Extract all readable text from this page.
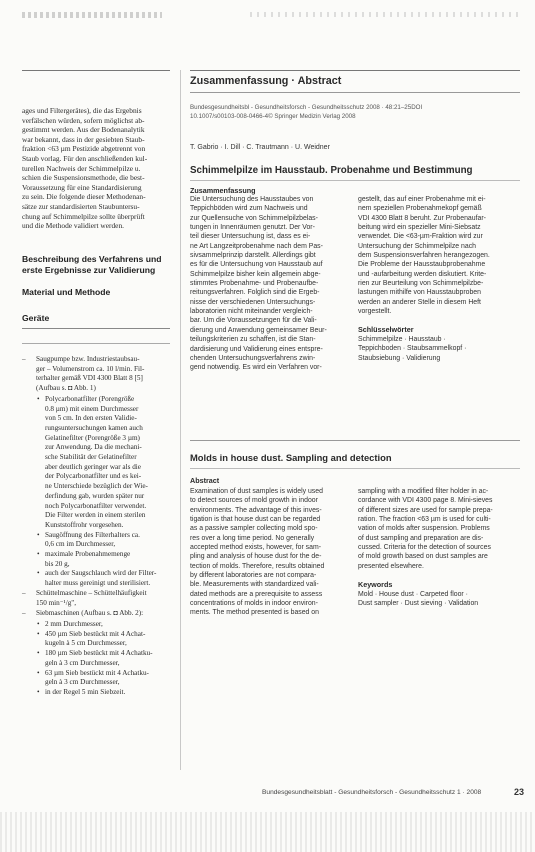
Zusammenfassung · Abstract
ages und Filtergerätes), die das Ergebnis
verfälschen würden, sofern möglichst ab-
gestimmt werden. Aus der Bodenanalytik
war bekannt, dass in der gesiebten Staub-
fraktion <63 µm Pestizide abgetrennt von
Staub vorlag. Für den anschließenden kul-
turellen Nachweis der Schimmelpilze u.
schien die Suspensionsmethode, die best-
Voraussetzung für eine Standardisierung
zu sein. Die folgende dieser Methodenan-
sätze zur standardisierten Staubuntersu-
chung auf Schimmelpilze sollte überprüft
und die Methode validiert werden.
Beschreibung des Verfahrens und
erste Ergebnisse zur Validierung
Material und Methode
Geräte
– Saugpumpe bzw. Industriestaubsau-
ger – Volumenstrom ca. 10 l/min. Fil-
terhalter gemäß VDI 4300 Blatt 8 [5]
(Aufbau s. ◘ Abb. 1)
• Polycarbonatfilter (Porengröße
0.8 µm) mit einem Durchmesser
von 5 cm. In den ersten Validie-
rungsuntersuchungen kamen auch
Gelatinefilter (Porengröße 3 µm)
zur Anwendung. Da die mechani-
sche Stabilität der Gelatinefilter
aber deutlich geringer war als die
der Polycarbonatfilter und es kei-
ne Unterschiede bezüglich der Wie-
derfindung gab, wurden später nur
noch Polycarbonatfilter verwendet.
Die Filter werden in einem sterilen
Kunststoffrohr vorgesehen.
• Saugöffnung des Filterhalters ca.
0,6 cm im Durchmesser,
• maximale Probenahmemenge
bis 20 g,
• auch der Saugschlauch wird der Filter-
halter muss gereinigt und sterilisiert.
– Schüttelmaschine – Schüttelhäufigkeit
150 min⁻¹/g",
– Siebmaschinen (Aufbau s. ◘ Abb. 2):
• 2 mm Durchmesser,
• 450 µm Sieb bestückt mit 4 Achat-
kugeln à 5 cm Durchmesser,
• 180 µm Sieb bestückt mit 4 Achatku-
geln à 3 cm Durchmesser,
• 63 µm Sieb bestückt mit 4 Achatku-
geln à 3 cm Durchmesser,
• in der Regel 5 min Siebzeit.
Bundesgesundheitsbl - Gesundheitsforsch - Gesundheitsschutz 2008 · 48:21–25DOI 10.1007/s00103-008-0466-4© Springer Medizin Verlag 2008
T. Gabrio · I. Dill · C. Trautmann · U. Weidner
Schimmelpilze im Hausstaub. Probenahme und Bestimmung
Zusammenfassung
Die Untersuchung des Hausstaubes von
Teppichböden wird zum Nachweis und
zur Quellensuche von Schimmelpilzbelas-
tungen in Innenräumen genutzt. Der Vor-
teil dieser Untersuchung ist, dass es ei-
ne Art Langzeitprobenahme nach dem Pas-
sivsammelprinzip darstellt. Allerdings gibt
es für die Untersuchung von Hausstaub auf
Schimmelpilze bisher kein allgemein abge-
stimmtes Probenahme- und Probenaufbe-
reitungsverfahren. Folglich sind die Ergeb-
nisse der verschiedenen Untersuchungs-
laboratorien nicht miteinander vergleich-
bar. Um die Voraussetzungen für die Vali-
dierung und Anwendung gemeinsamer Beur-
teilungskriterien zu schaffen, ist die Stan-
dardisierung und Validierung eines entspre-
chenden Untersuchungsverfahrens zwin-
gend notwendig. Es wird ein Verfahren vor-
gestellt, das auf einer Probenahme mit ei-
nem speziellen Probenahmekopf gemäß
VDI 4300 Blatt 8 beruht. Zur Probenaufar-
beitung wird ein spezieller Mini-Siebsatz
verwendet. Die <63-µm-Fraktion wird zur
Untersuchung der Schimmelpilze nach
dem Suspensionsverfahren herangezogen.
Die Probleme der Hausstaubprobenahme
und -aufarbeitung werden diskutiert. Krite-
rien zur Beurteilung von Schimmelpilzbe-
lastungen mithilfe von Hausstaubproben
werden an anderer Stelle in diesem Heft
vorgestellt.
Schlüsselwörter
Schimmelpilze · Hausstaub ·
Teppichboden · Staubsammelkopf ·
Staubsiebung · Validierung
Molds in house dust. Sampling and detection
Abstract
Examination of dust samples is widely used
to detect sources of mold growth in indoor
environments. The advantage of this inves-
tigation is that house dust can be regarded
as a passive sampler collecting mold spo-
res over a long time period. No generally
accepted method exists, however, for sam-
pling and analysis of house dust for the de-
tection of molds. Therefore, results obtained
by different laboratories are not compara-
ble. Measurements with standardized vali-
dated methods are a prerequisite to assess
concentrations of molds in indoor environ-
ments. The method presented is based on
sampling with a modified filter holder in ac-
cordance with VDI 4300 page 8. Mini-sieves
of different sizes are used for sample prepa-
ration. The fraction <63 µm is used for culti-
vation of molds after suspension. Problems
of dust sampling and preparation are dis-
cussed. Criteria for the detection of sources
of mold growth based on dust samples are
presented elsewhere.
Keywords
Mold · House dust · Carpeted floor ·
Dust sampler · Dust sieving · Validation
Bundesgesundheitsblatt - Gesundheitsforsch - Gesundheitsschutz 1 · 2008	23
